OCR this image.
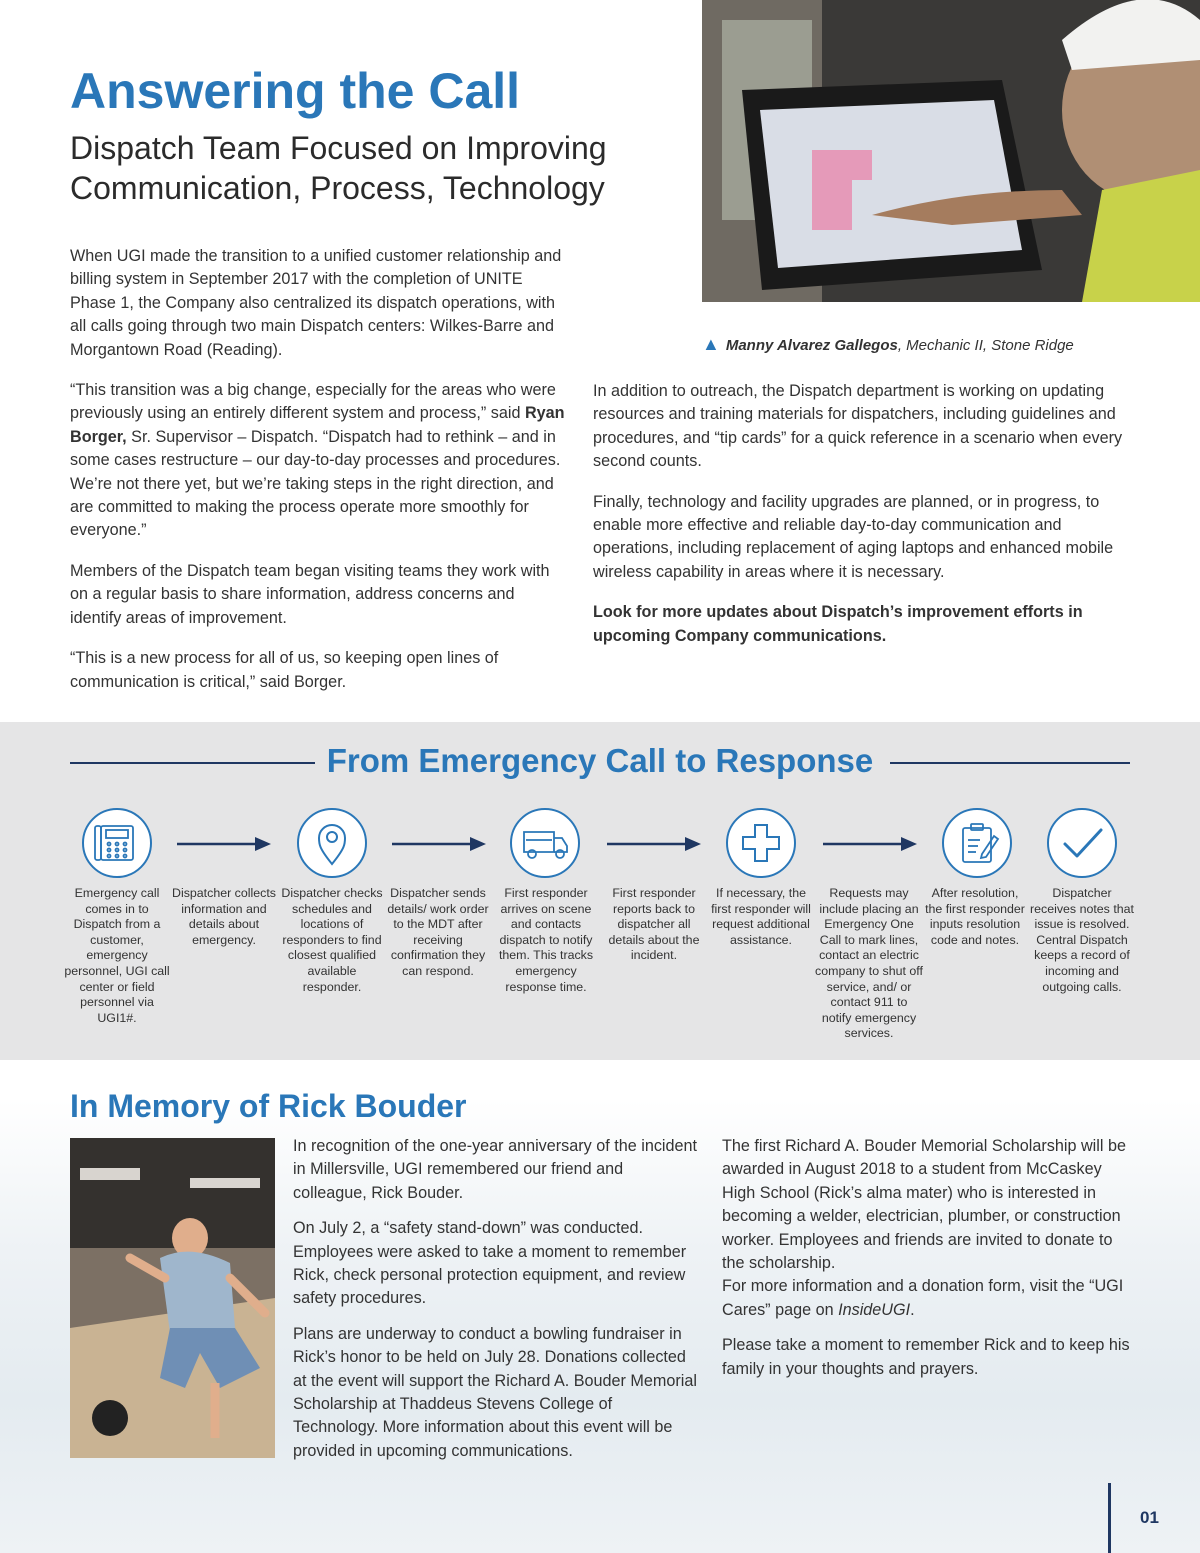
Answering the Call
Dispatch Team Focused on Improving Communication, Process, Technology
▲ Manny Alvarez Gallegos, Mechanic II, Stone Ridge

When UGI made the transition to a unified customer relationship and billing system in September 2017 with the completion of UNITE Phase 1, the Company also centralized its dispatch operations, with all calls going through two main Dispatch centers: Wilkes-Barre and Morgantown Road (Reading).

“This transition was a big change, especially for the areas who were previously using an entirely different system and process,” said Ryan Borger, Sr. Supervisor – Dispatch. “Dispatch had to rethink – and in some cases restructure – our day-to-day processes and procedures. We’re not there yet, but we’re taking steps in the right direction, and are committed to making the process operate more smoothly for everyone.”

Members of the Dispatch team began visiting teams they work with on a regular basis to share information, address concerns and identify areas of improvement.

“This is a new process for all of us, so keeping open lines of communication is critical,” said Borger.

In addition to outreach, the Dispatch department is working on updating resources and training materials for dispatchers, including guidelines and procedures, and “tip cards” for a quick reference in a scenario when every second counts.

Finally, technology and facility upgrades are planned, or in progress, to enable more effective and reliable day-to-day communication and operations, including replacement of aging laptops and enhanced mobile wireless capability in areas where it is necessary.

Look for more updates about Dispatch’s improvement efforts in upcoming Company communications.

From Emergency Call to Response
Emergency call comes in to Dispatch from a customer, emergency personnel, UGI call center or field personnel via UGI1#.
Dispatcher collects information and details about emergency.
Dispatcher checks schedules and locations of responders to find closest qualified available responder.
Dispatcher sends details/ work order to the MDT after receiving confirmation they can respond.
First responder arrives on scene and contacts dispatch to notify them. This tracks emergency response time.
First responder reports back to dispatcher all details about the incident.
If necessary, the first responder will request additional assistance.
Requests may include placing an Emergency One Call to mark lines, contact an electric company to shut off service, and/ or contact 911 to notify emergency services.
After resolution, the first responder inputs resolution code and notes.
Dispatcher receives notes that issue is resolved. Central Dispatch keeps a record of incoming and outgoing calls.
In Memory of Rick Bouder

In recognition of the one-year anniversary of the incident in Millersville, UGI remembered our friend and colleague, Rick Bouder.

On July 2, a “safety stand-down” was conducted. Employees were asked to take a moment to remember Rick, check personal protection equipment, and review safety procedures.

Plans are underway to conduct a bowling fundraiser in Rick’s honor to be held on July 28. Donations collected at the event will support the Richard A. Bouder Memorial Scholarship at Thaddeus Stevens College of Technology. More information about this event will be provided in upcoming communications.

The first Richard A. Bouder Memorial Scholarship will be awarded in August 2018 to a student from McCaskey High School (Rick’s alma mater) who is interested in becoming a welder, electrician, plumber, or construction worker. Employees and friends are invited to donate to the scholarship.

For more information and a donation form, visit the “UGI Cares” page on InsideUGI.

Please take a moment to remember Rick and to keep his family in your thoughts and prayers.

01
